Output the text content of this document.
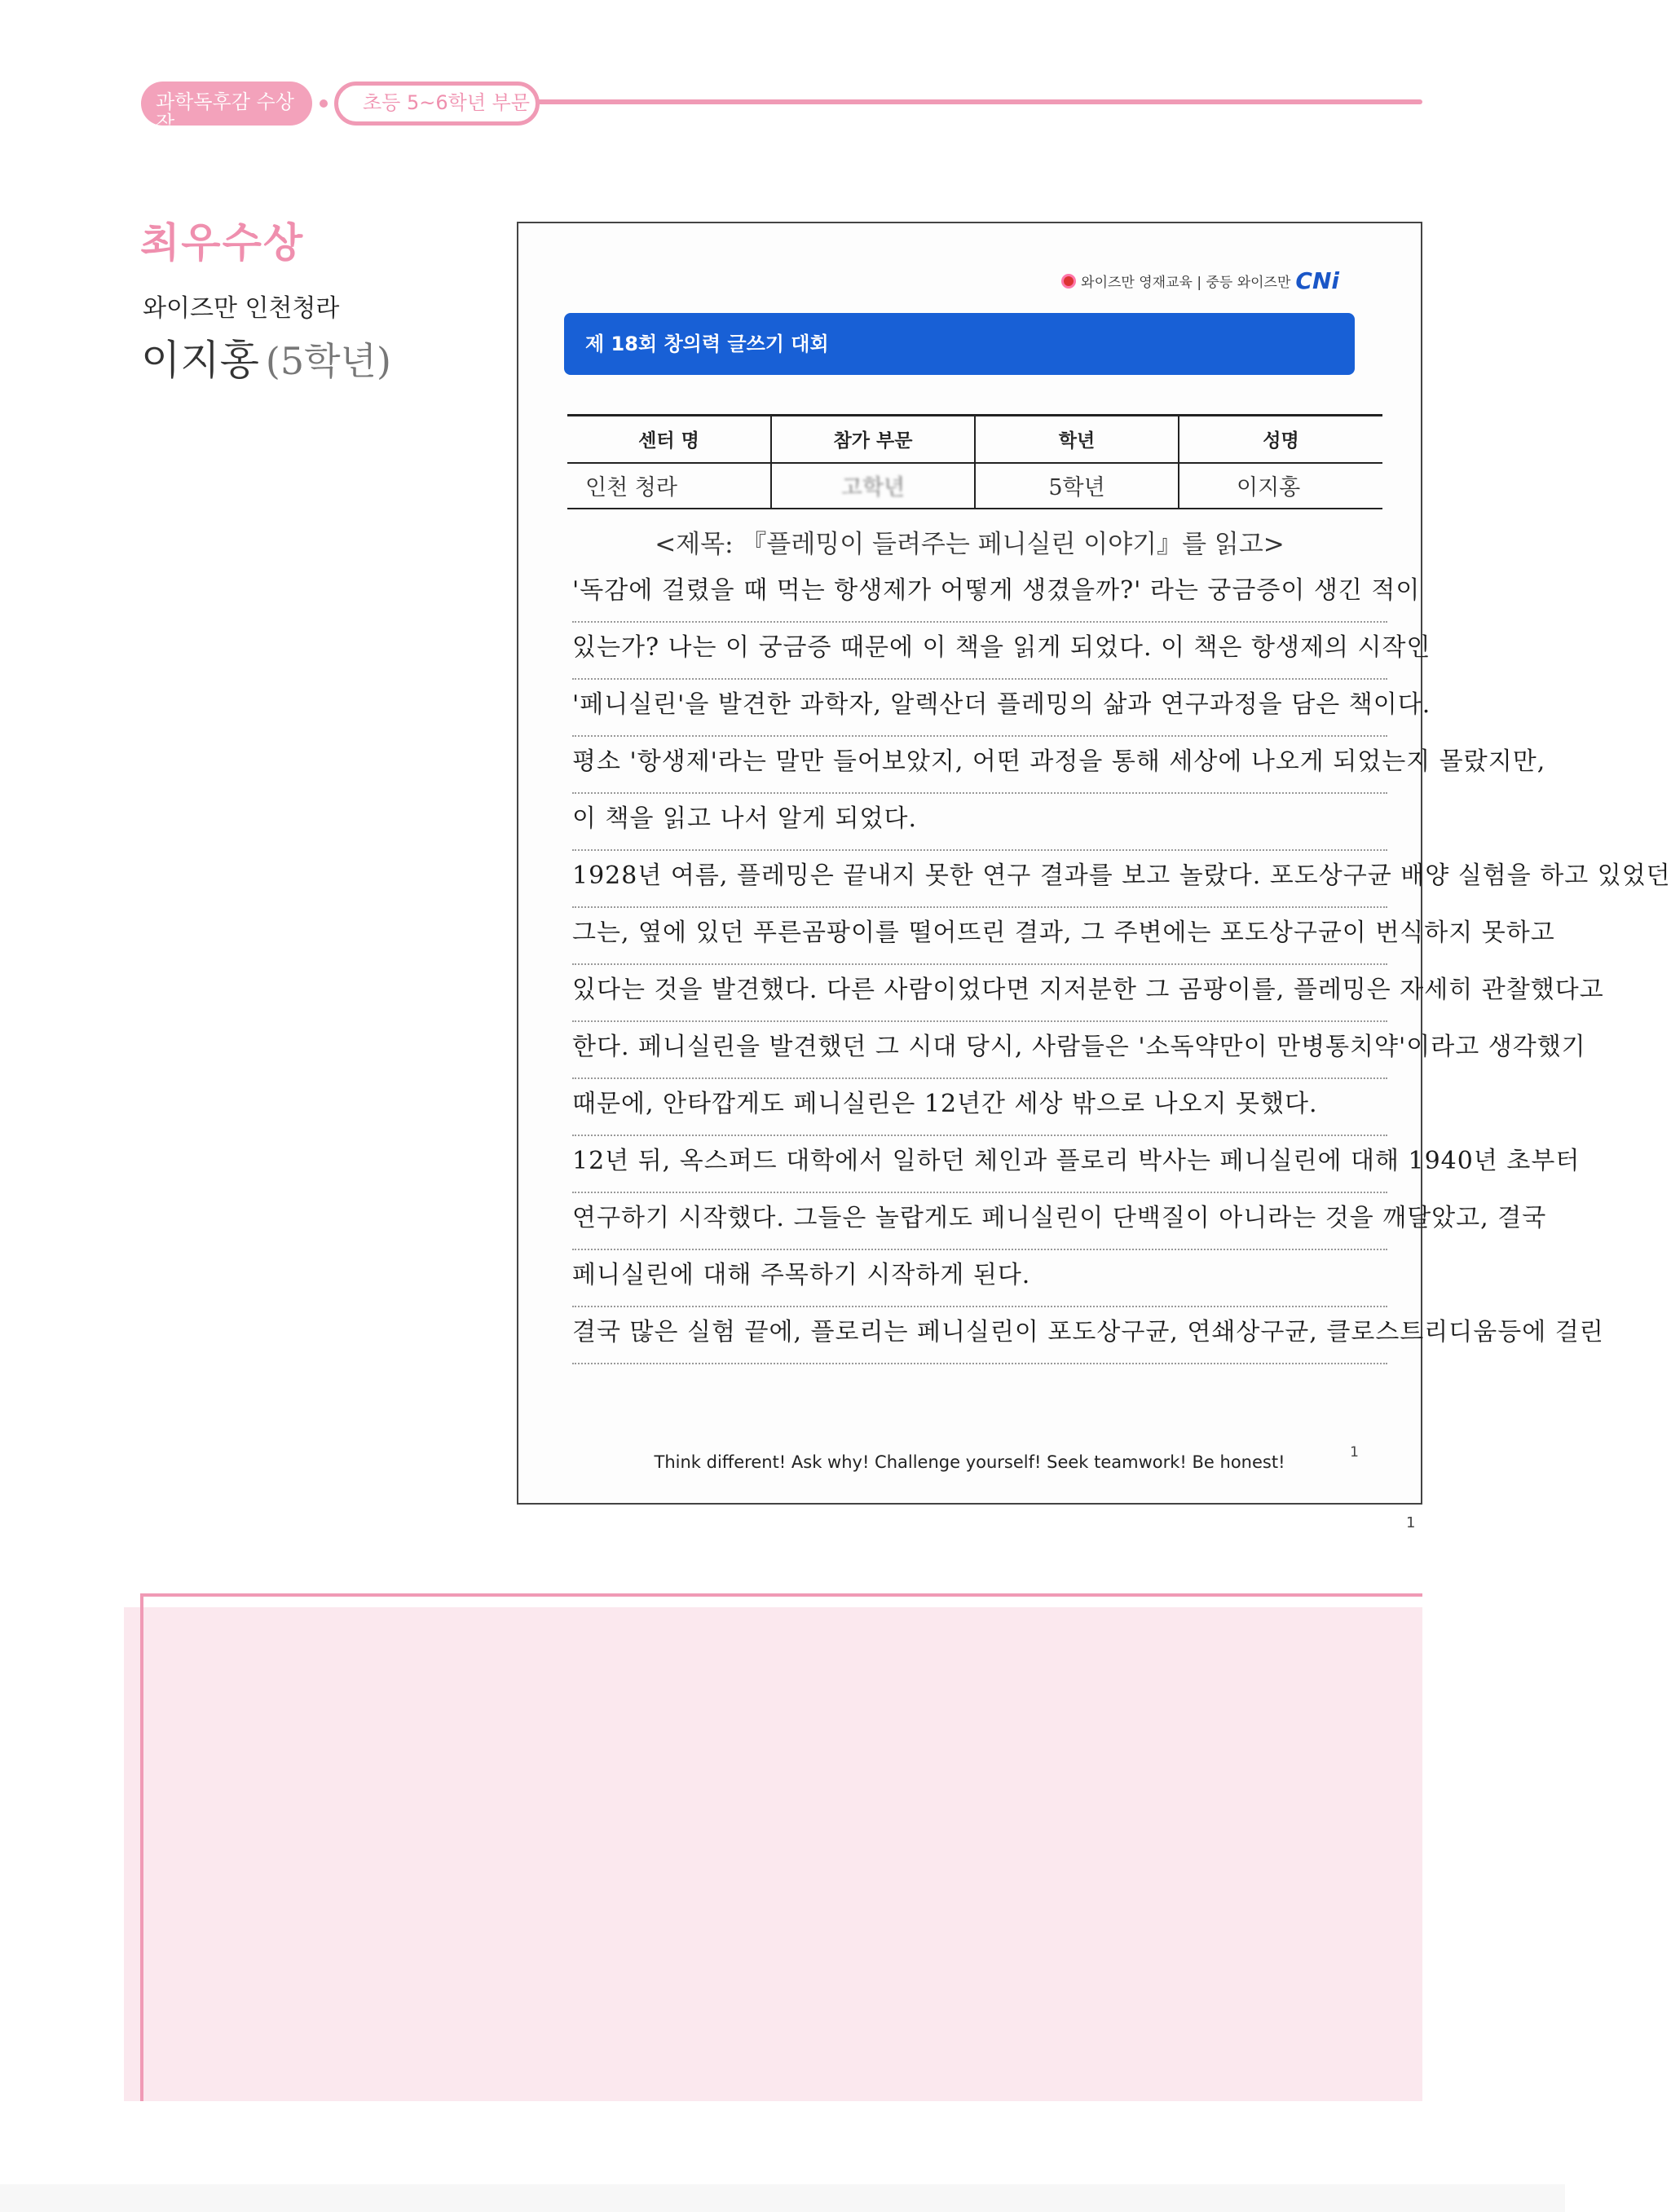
과학독후감 수상작
초등 5~6학년 부문
최우수상
와이즈만 인천청라
이지홍 (5학년)
와이즈만 영재교육 | 중등 와이즈만 CNi
제 18회 창의력 글쓰기 대회
센터 명	참가 부문	학년	성명
인천 청라	고학년	5학년	이지홍
<제목: 『플레밍이 들려주는 페니실린 이야기』를 읽고>
'독감에 걸렸을 때 먹는 항생제가 어떻게 생겼을까?' 라는 궁금증이 생긴 적이
있는가? 나는 이 궁금증 때문에 이 책을 읽게 되었다. 이 책은 항생제의 시작인
'페니실린'을 발견한 과학자, 알렉산더 플레밍의 삶과 연구과정을 담은 책이다.
평소 '항생제'라는 말만 들어보았지, 어떤 과정을 통해 세상에 나오게 되었는지 몰랐지만,
이 책을 읽고 나서 알게 되었다.
1928년 여름, 플레밍은 끝내지 못한 연구 결과를 보고 놀랐다. 포도상구균 배양 실험을 하고 있었던
그는, 옆에 있던 푸른곰팡이를 떨어뜨린 결과, 그 주변에는 포도상구균이 번식하지 못하고
있다는 것을 발견했다. 다른 사람이었다면 지저분한 그 곰팡이를, 플레밍은 자세히 관찰했다고
한다. 페니실린을 발견했던 그 시대 당시, 사람들은 '소독약만이 만병통치약'이라고 생각했기
때문에, 안타깝게도 페니실린은 12년간 세상 밖으로 나오지 못했다.
12년 뒤, 옥스퍼드 대학에서 일하던 체인과 플로리 박사는 페니실린에 대해 1940년 초부터
연구하기 시작했다. 그들은 놀랍게도 페니실린이 단백질이 아니라는 것을 깨달았고, 결국
페니실린에 대해 주목하기 시작하게 된다.
결국 많은 실험 끝에, 플로리는 페니실린이 포도상구균, 연쇄상구균, 클로스트리디움등에 걸린
Think different! Ask why! Challenge yourself! Seek teamwork! Be honest!	1
1
